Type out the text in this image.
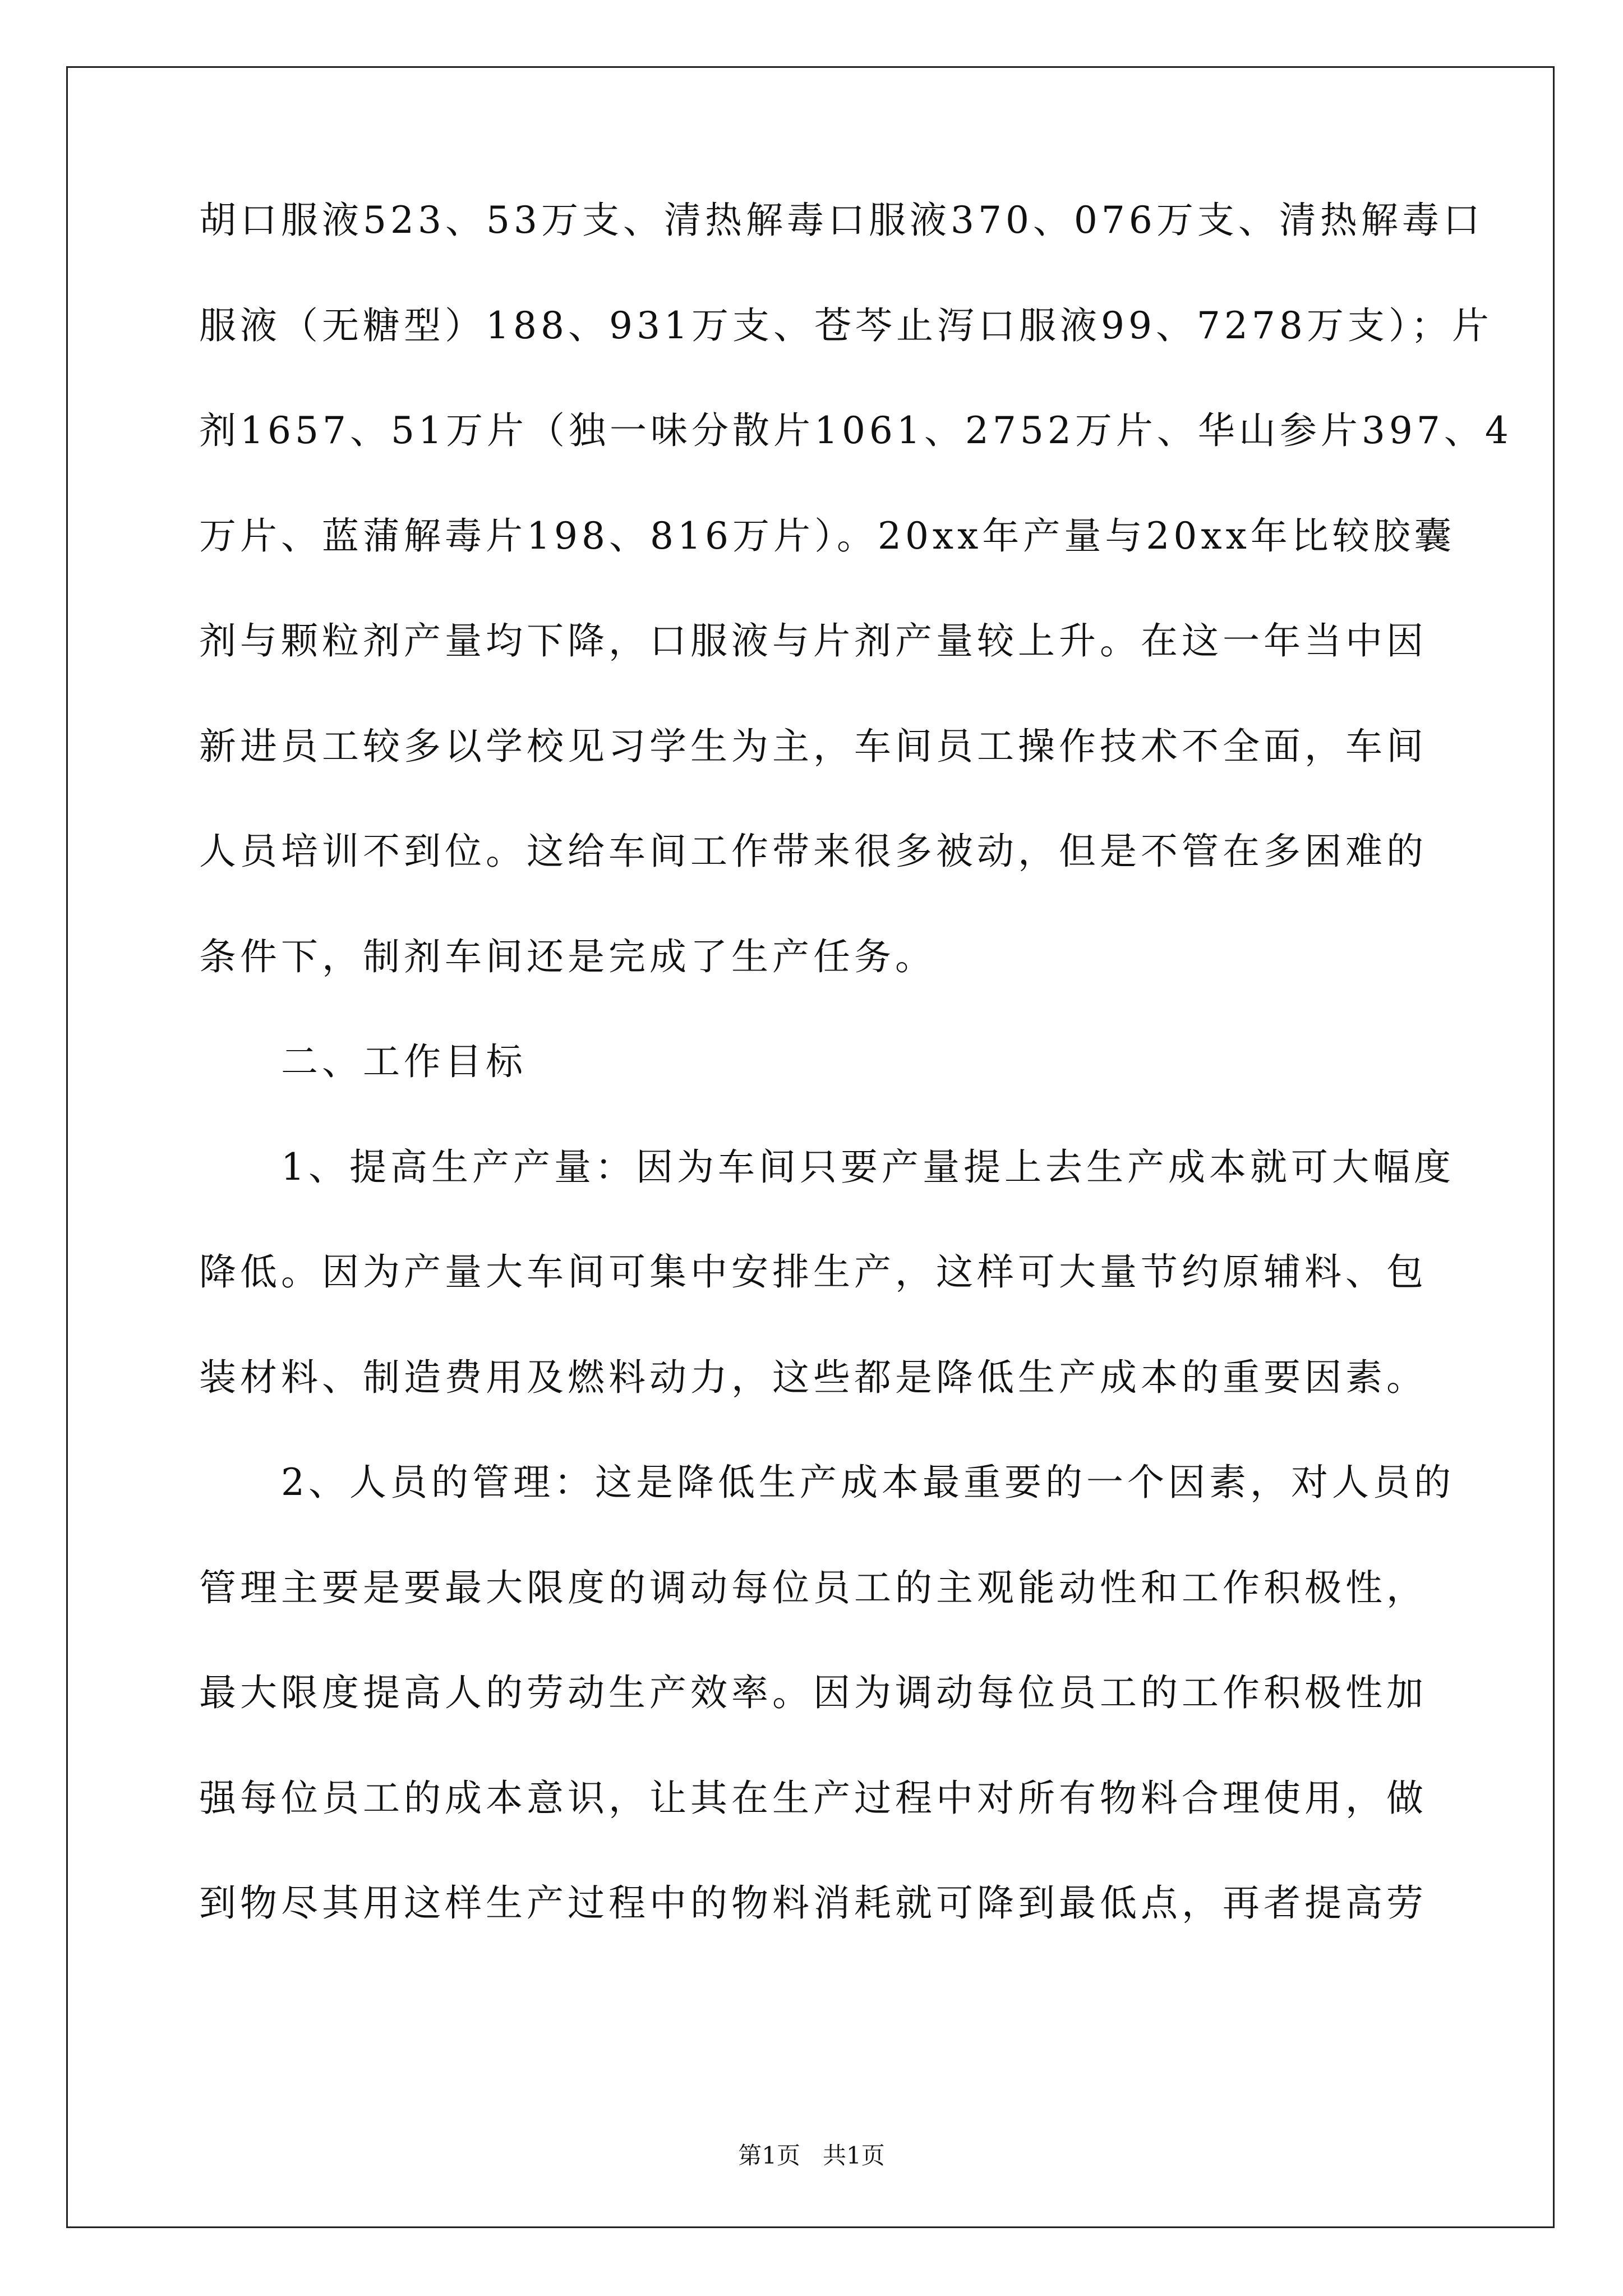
胡口服液523、53万支、清热解毒口服液370、076万支、清热解毒口
服液（无糖型）188、931万支、苍芩止泻口服液99、7278万支）；片
剂1657、51万片（独一味分散片1061、2752万片、华山参片397、4
万片、蓝蒲解毒片198、816万片）。20xx年产量与20xx年比较胶囊
剂与颗粒剂产量均下降，口服液与片剂产量较上升。在这一年当中因
新进员工较多以学校见习学生为主，车间员工操作技术不全面，车间
人员培训不到位。这给车间工作带来很多被动，但是不管在多困难的
条件下，制剂车间还是完成了生产任务。
二、工作目标
1、提高生产产量：因为车间只要产量提上去生产成本就可大幅度
降低。因为产量大车间可集中安排生产，这样可大量节约原辅料、包
装材料、制造费用及燃料动力，这些都是降低生产成本的重要因素。
2、人员的管理：这是降低生产成本最重要的一个因素，对人员的
管理主要是要最大限度的调动每位员工的主观能动性和工作积极性，
最大限度提高人的劳动生产效率。因为调动每位员工的工作积极性加
强每位员工的成本意识，让其在生产过程中对所有物料合理使用，做
到物尽其用这样生产过程中的物料消耗就可降到最低点，再者提高劳
第1页   共1页
